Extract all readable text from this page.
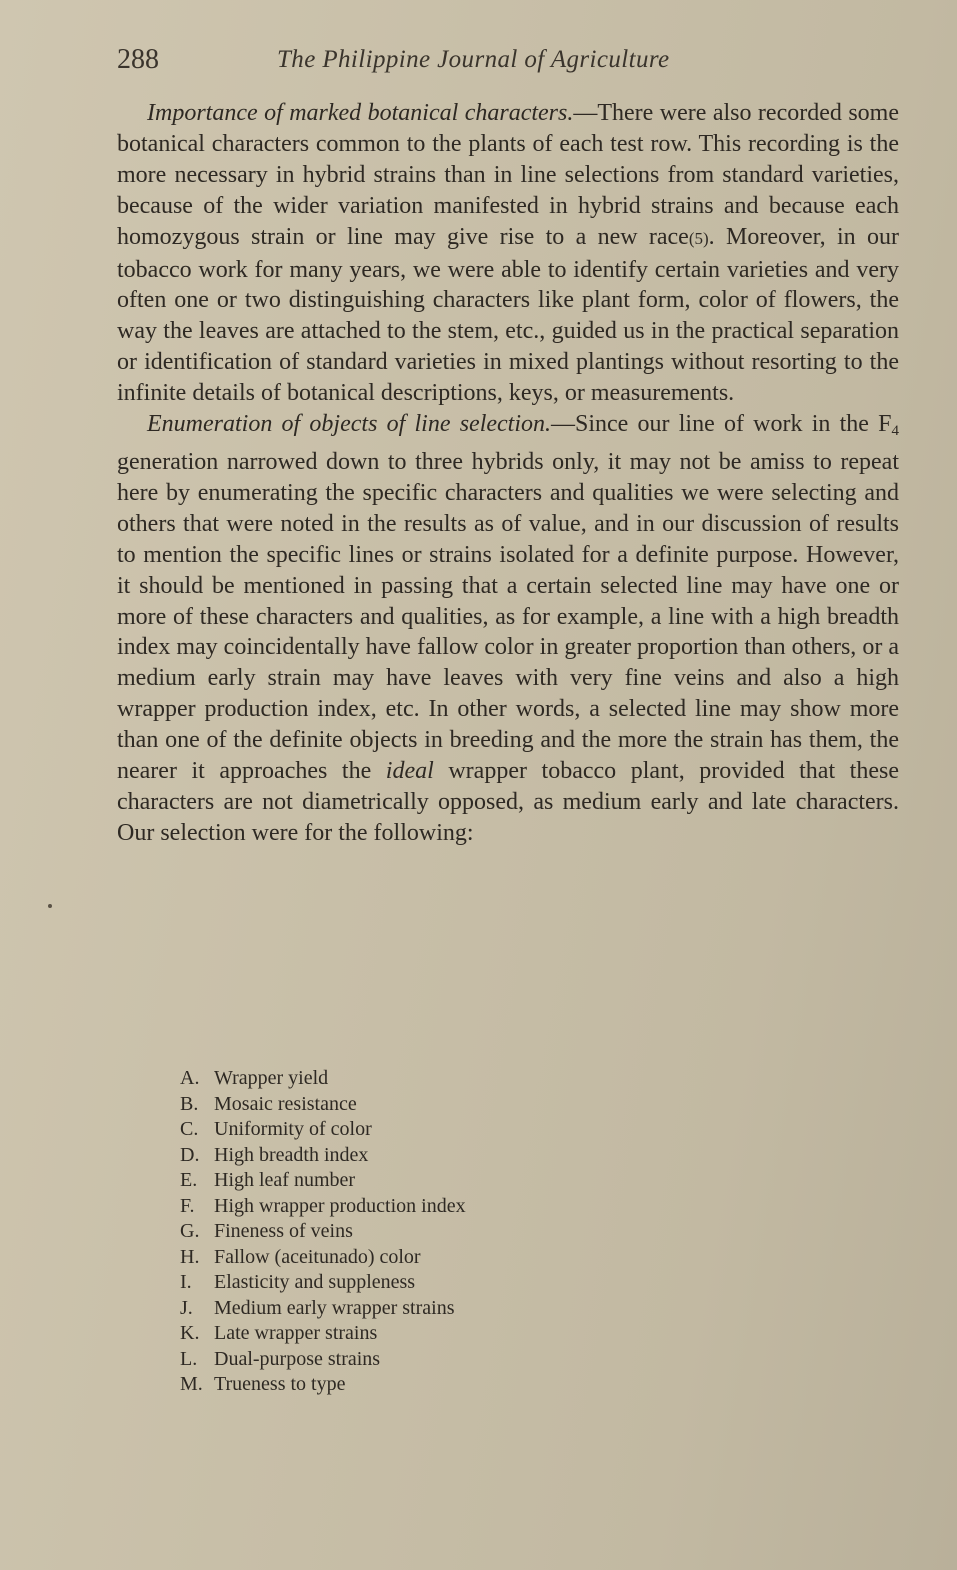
288	The Philippine Journal of Agriculture

Importance of marked botanical characters.—There were also recorded some botanical characters common to the plants of each test row. This recording is the more necessary in hybrid strains than in line selections from standard varieties, because of the wider variation manifested in hybrid strains and because each homozygous strain or line may give rise to a new race(5). Moreover, in our tobacco work for many years, we were able to identify certain varieties and very often one or two distinguishing characters like plant form, color of flowers, the way the leaves are attached to the stem, etc., guided us in the practical separation or identification of standard varieties in mixed plantings without resorting to the infinite details of botanical descriptions, keys, or measurements.

Enumeration of objects of line selection.—Since our line of work in the $F_4$ generation narrowed down to three hybrids only, it may not be amiss to repeat here by enumerating the specific characters and qualities we were selecting and others that were noted in the results as of value, and in our discussion of results to mention the specific lines or strains isolated for a definite purpose. However, it should be mentioned in passing that a certain selected line may have one or more of these characters and qualities, as for example, a line with a high breadth index may coincidentally have fallow color in greater proportion than others, or a medium early strain may have leaves with very fine veins and also a high wrapper production index, etc. In other words, a selected line may show more than one of the definite objects in breeding and the more the strain has them, the nearer it approaches the ideal wrapper tobacco plant, provided that these characters are not diametrically opposed, as medium early and late characters. Our selection were for the following:

A. Wrapper yield
B. Mosaic resistance
C. Uniformity of color
D. High breadth index
E. High leaf number
F. High wrapper production index
G. Fineness of veins
H. Fallow (aceitunado) color
I. Elasticity and suppleness
J. Medium early wrapper strains
K. Late wrapper strains
L. Dual-purpose strains
M. Trueness to type
